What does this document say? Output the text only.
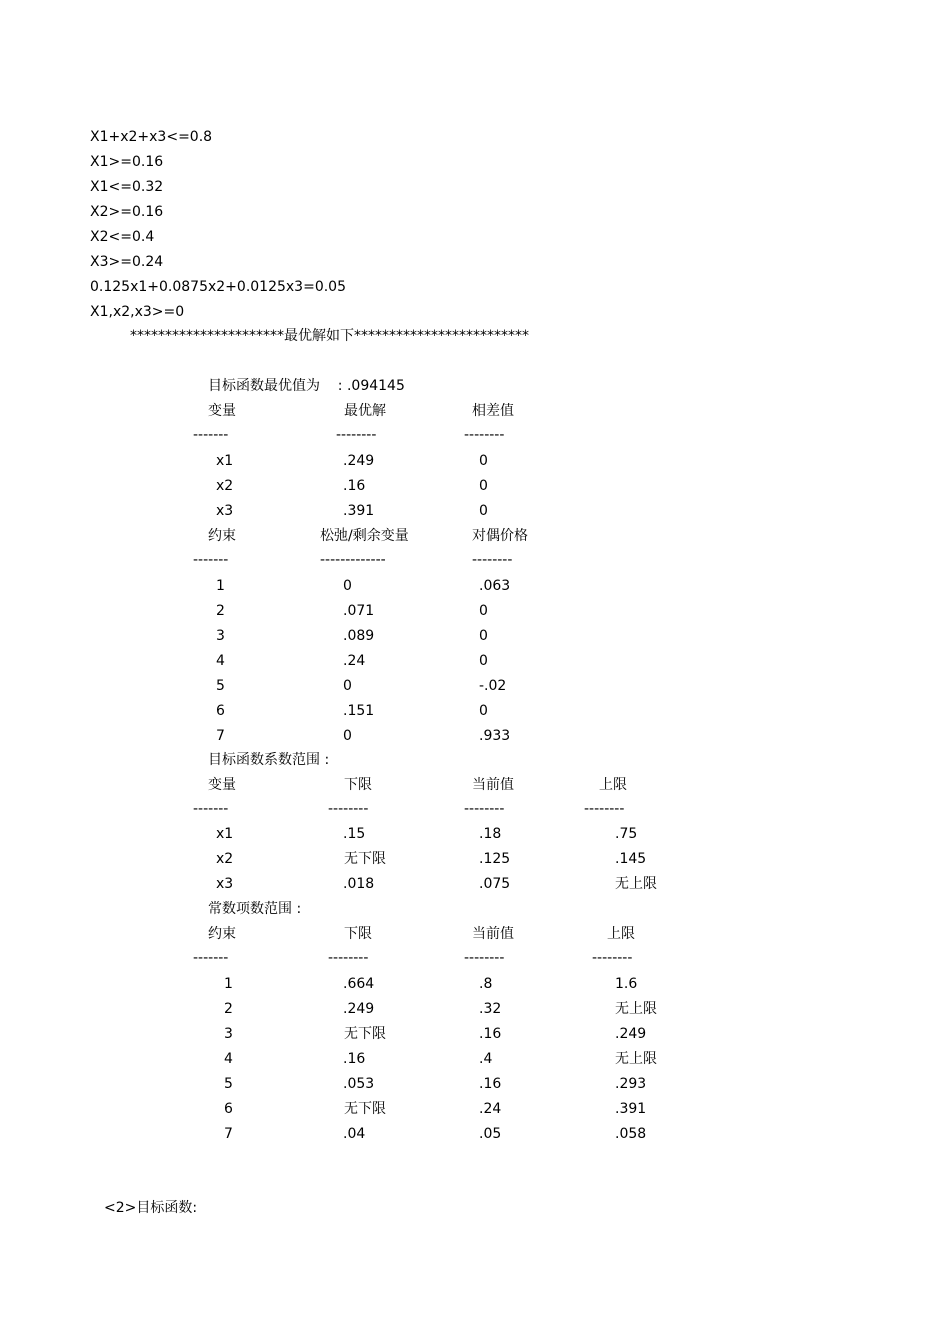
X1+x2+x3<=0.8
X1>=0.16
X1<=0.32
X2>=0.16
X2<=0.4
X3>=0.24
0.125x1+0.0875x2+0.0125x3=0.05
X1,x2,x3>=0
**********************最优解如下*************************
目标函数最优值为    : .094145
变量	最优解	相差值
-------	--------	--------
x1	.249	0
x2	.16	0
x3	.391	0
约束	松弛/剩余变量	对偶价格
-------	-------------	--------
1	0	.063
2	.071	0
3	.089	0
4	.24	0
5	0	-.02
6	.151	0
7	0	.933
目标函数系数范围 :
变量	下限	当前值	上限
-------	--------	--------	--------
x1	.15	.18	.75
x2	无下限	.125	.145
x3	.018	.075	无上限
常数项数范围 :
约束	下限	当前值	上限
-------	--------	--------	--------
1	.664	.8	1.6
2	.249	.32	无上限
3	无下限	.16	.249
4	.16	.4	无上限
5	.053	.16	.293
6	无下限	.24	.391
7	.04	.05	.058
<2>目标函数:
